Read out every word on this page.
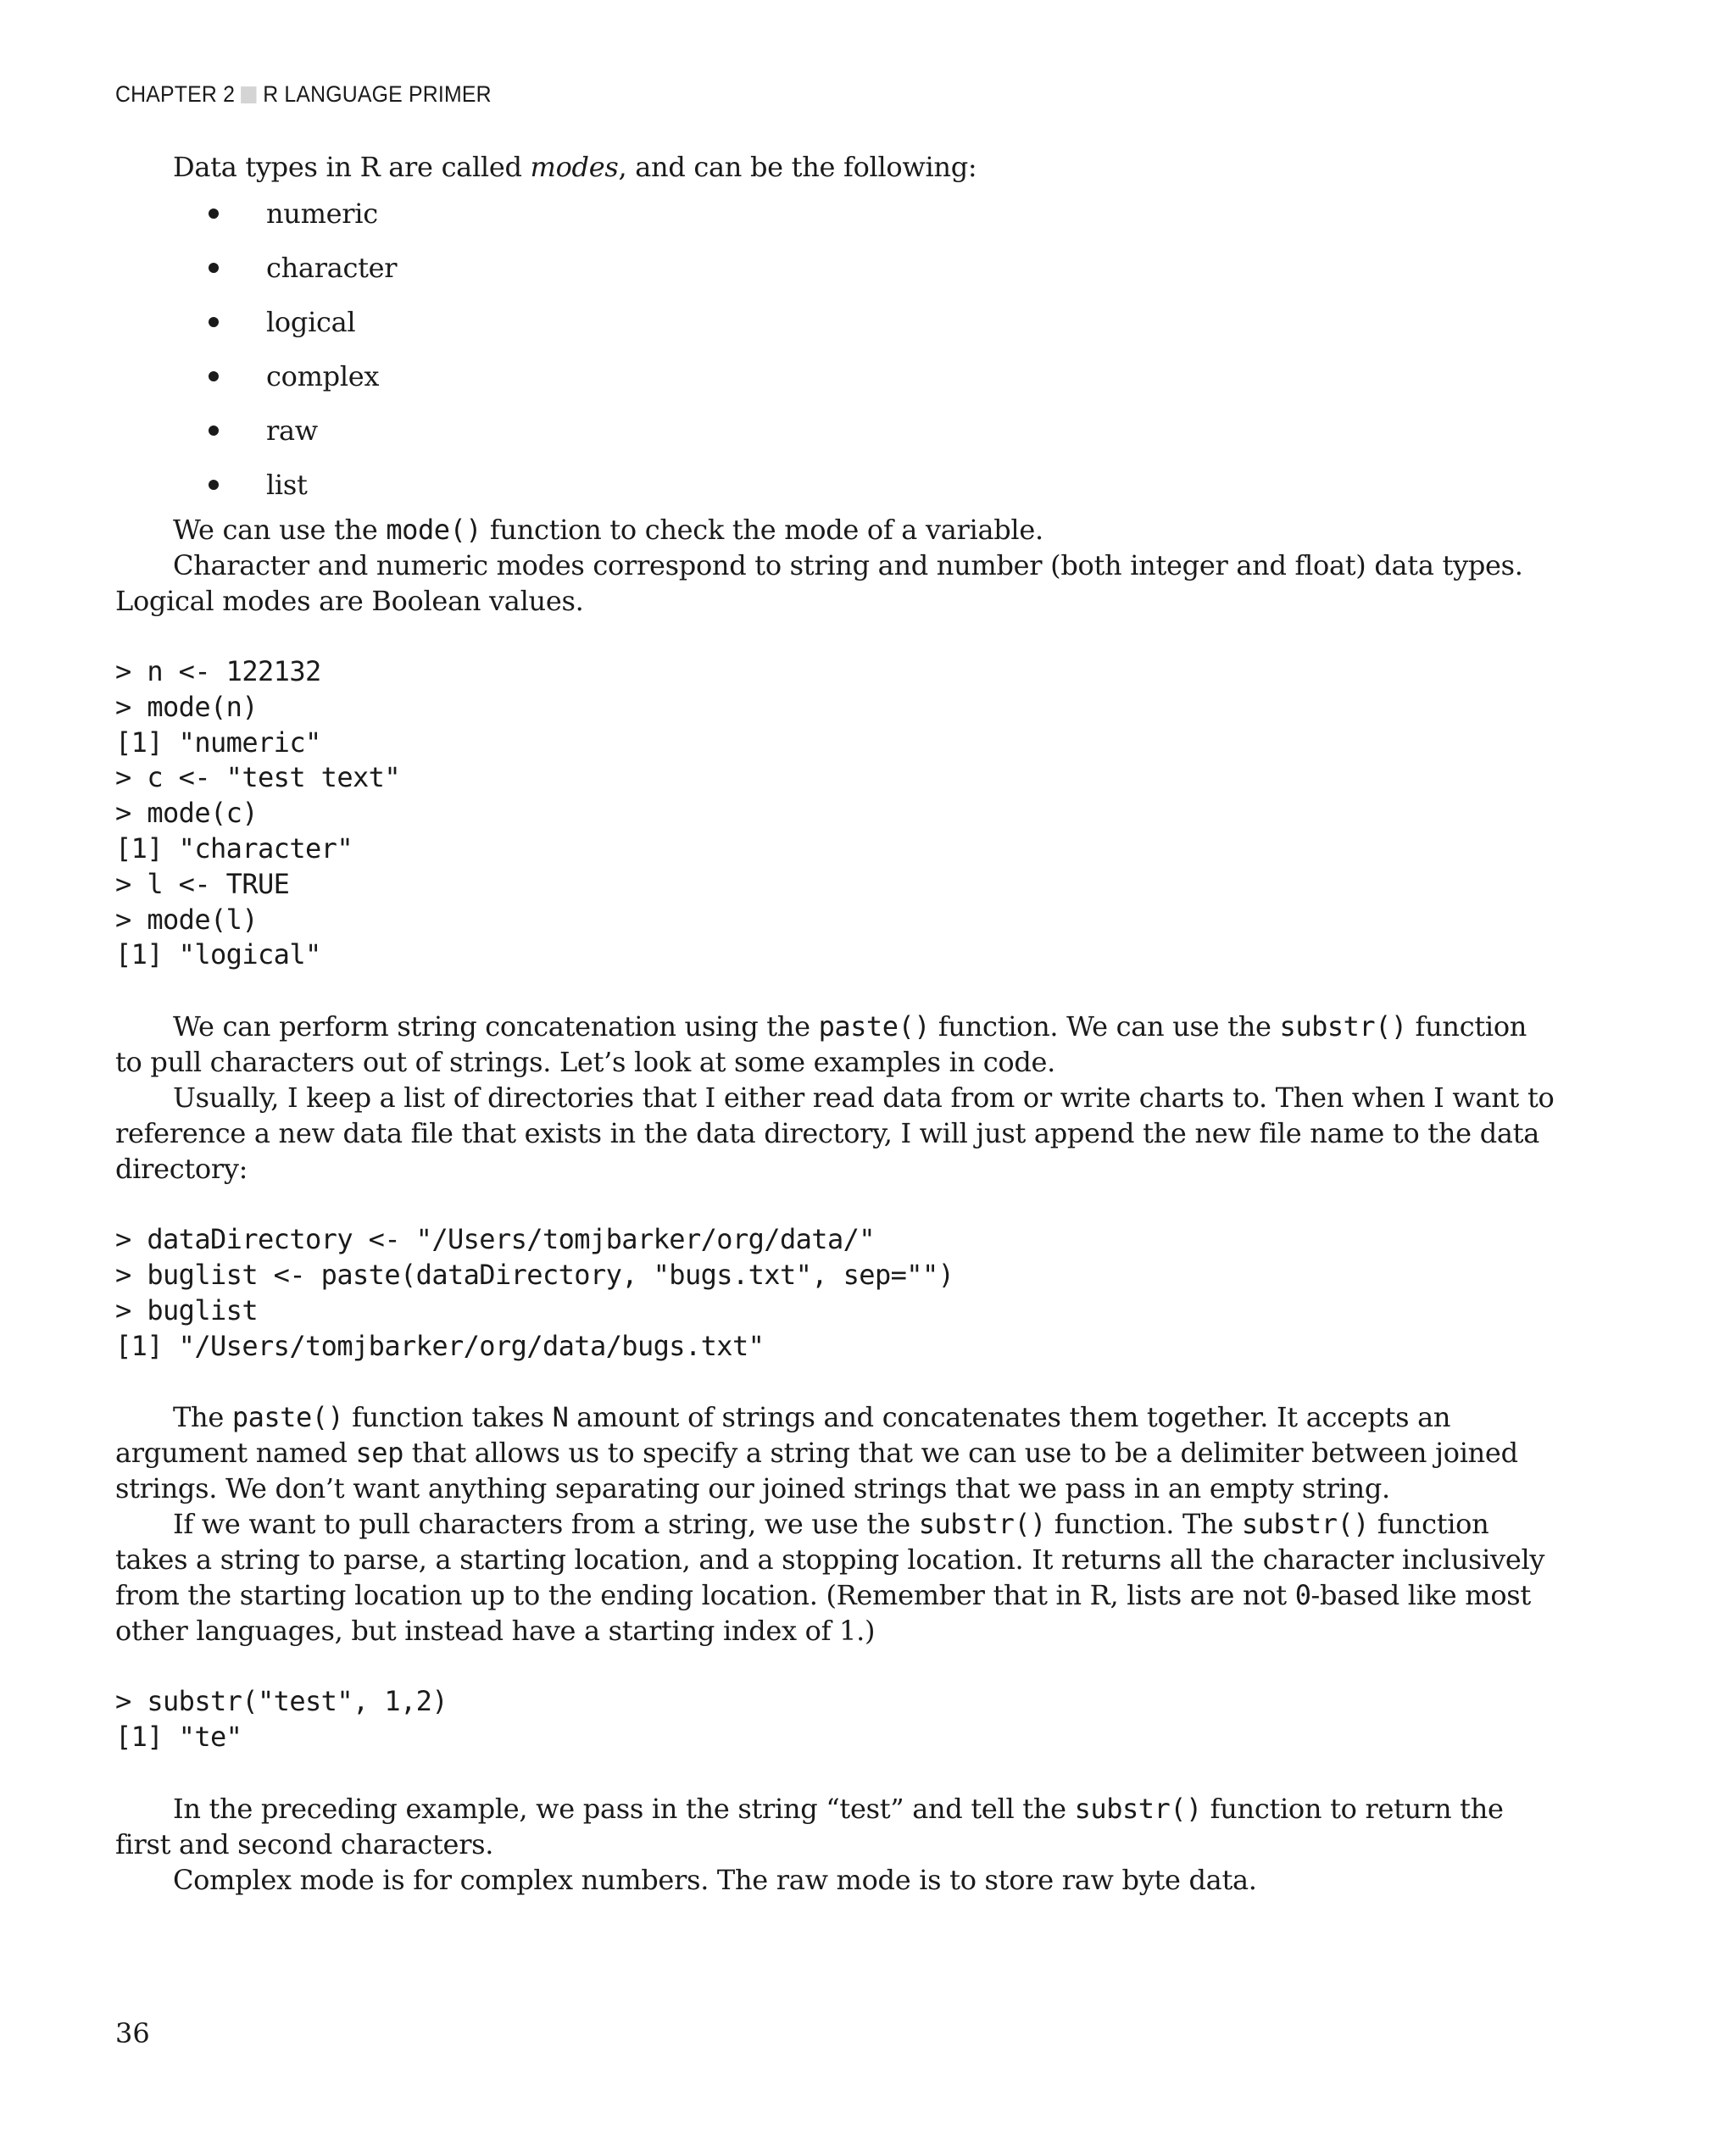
CHAPTER 2 R LANGUAGE PRIMER

Data types in R are called modes, and can be the following:

numeric
character
logical
complex
raw
list

We can use the mode() function to check the mode of a variable.

Character and numeric modes correspond to string and number (both integer and float) data types. Logical modes are Boolean values.

> n <- 122132
> mode(n)
[1] "numeric"
> c <- "test text"
> mode(c)
[1] "character"
> l <- TRUE
> mode(l)
[1] "logical"

We can perform string concatenation using the paste() function. We can use the substr() function to pull characters out of strings. Let’s look at some examples in code.

Usually, I keep a list of directories that I either read data from or write charts to. Then when I want to reference a new data file that exists in the data directory, I will just append the new file name to the data directory:

> dataDirectory <- "/Users/tomjbarker/org/data/"
> buglist <- paste(dataDirectory, "bugs.txt", sep="")
> buglist
[1] "/Users/tomjbarker/org/data/bugs.txt"

The paste() function takes N amount of strings and concatenates them together. It accepts an argument named sep that allows us to specify a string that we can use to be a delimiter between joined strings. We don’t want anything separating our joined strings that we pass in an empty string.

If we want to pull characters from a string, we use the substr() function. The substr() function takes a string to parse, a starting location, and a stopping location. It returns all the character inclusively from the starting location up to the ending location. (Remember that in R, lists are not 0-based like most other languages, but instead have a starting index of 1.)

> substr("test", 1,2)
[1] "te"

In the preceding example, we pass in the string “test” and tell the substr() function to return the first and second characters.

Complex mode is for complex numbers. The raw mode is to store raw byte data.

36
